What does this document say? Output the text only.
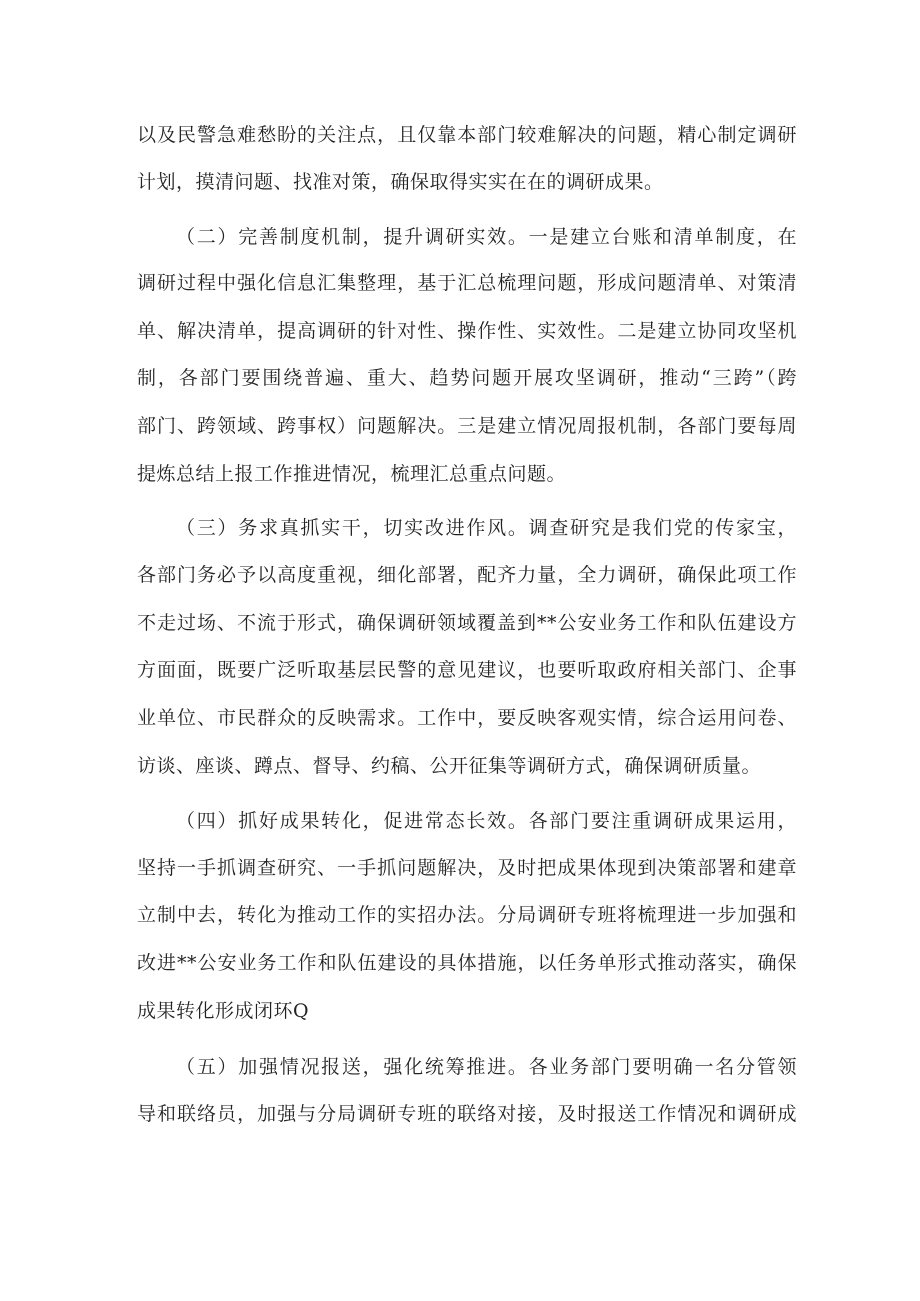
以及民警急难愁盼的关注点，且仅靠本部门较难解决的问题，精心制定调研
计划，摸清问题、找准对策，确保取得实实在在的调研成果。
（二）完善制度机制，提升调研实效。一是建立台账和清单制度，在
调研过程中强化信息汇集整理，基于汇总梳理问题，形成问题清单、对策清
单、解决清单，提高调研的针对性、操作性、实效性。二是建立协同攻坚机
制，各部门要围绕普遍、重大、趋势问题开展攻坚调研，推动“三跨”（跨
部门、跨领域、跨事权）问题解决。三是建立情况周报机制，各部门要每周
提炼总结上报工作推进情况，梳理汇总重点问题。
（三）务求真抓实干，切实改进作风。调查研究是我们党的传家宝，
各部门务必予以高度重视，细化部署，配齐力量，全力调研，确保此项工作
不走过场、不流于形式，确保调研领域覆盖到**公安业务工作和队伍建设方
方面面，既要广泛听取基层民警的意见建议，也要听取政府相关部门、企事
业单位、市民群众的反映需求。工作中，要反映客观实情，综合运用问卷、
访谈、座谈、蹲点、督导、约稿、公开征集等调研方式，确保调研质量。
（四）抓好成果转化，促进常态长效。各部门要注重调研成果运用，
坚持一手抓调查研究、一手抓问题解决，及时把成果体现到决策部署和建章
立制中去，转化为推动工作的实招办法。分局调研专班将梳理进一步加强和
改进**公安业务工作和队伍建设的具体措施，以任务单形式推动落实，确保
成果转化形成闭环Q
（五）加强情况报送，强化统筹推进。各业务部门要明确一名分管领
导和联络员，加强与分局调研专班的联络对接，及时报送工作情况和调研成
